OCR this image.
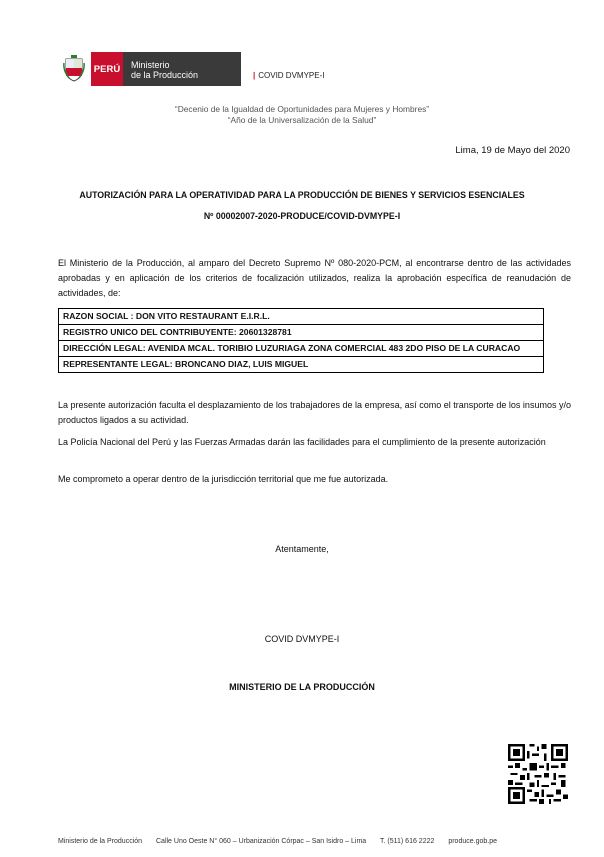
PERÚ	Ministerio
de la Producción	| COVID DVMYPE-I
“Decenio de la Igualdad de Oportunidades para Mujeres y Hombres”
“Año de la Universalización de la Salud”
Lima, 19 de Mayo del 2020
AUTORIZACIÓN PARA LA OPERATIVIDAD PARA LA PRODUCCIÓN DE BIENES Y SERVICIOS ESENCIALES
Nº 00002007-2020-PRODUCE/COVID-DVMYPE-I
El Ministerio de la Producción, al amparo del Decreto Supremo Nº 080-2020-PCM, al encontrarse dentro de las actividades aprobadas y en aplicación de los criterios de focalización utilizados, realiza la aprobación específica de reanudación de actividades, de:
RAZON SOCIAL : DON VITO RESTAURANT E.I.R.L.
REGISTRO UNICO DEL CONTRIBUYENTE: 20601328781
DIRECCIÓN LEGAL: AVENIDA MCAL. TORIBIO LUZURIAGA ZONA COMERCIAL 483 2DO PISO DE LA CURACAO
REPRESENTANTE LEGAL: BRONCANO DIAZ, LUIS MIGUEL
La presente autorización faculta el desplazamiento de los trabajadores de la empresa, así como el transporte de los insumos y/o productos ligados a su actividad.
La Policía Nacional del Perú y las Fuerzas Armadas darán las facilidades para el cumplimiento de la presente autorización
Me comprometo a operar dentro de la jurisdicción territorial que me fue autorizada.
Atentamente,
COVID DVMYPE-I
MINISTERIO DE LA PRODUCCIÓN
Ministerio de la Producción Calle Uno Oeste N° 060 – Urbanización Córpac – San Isidro – Lima T. (511) 616 2222 produce.gob.pe
